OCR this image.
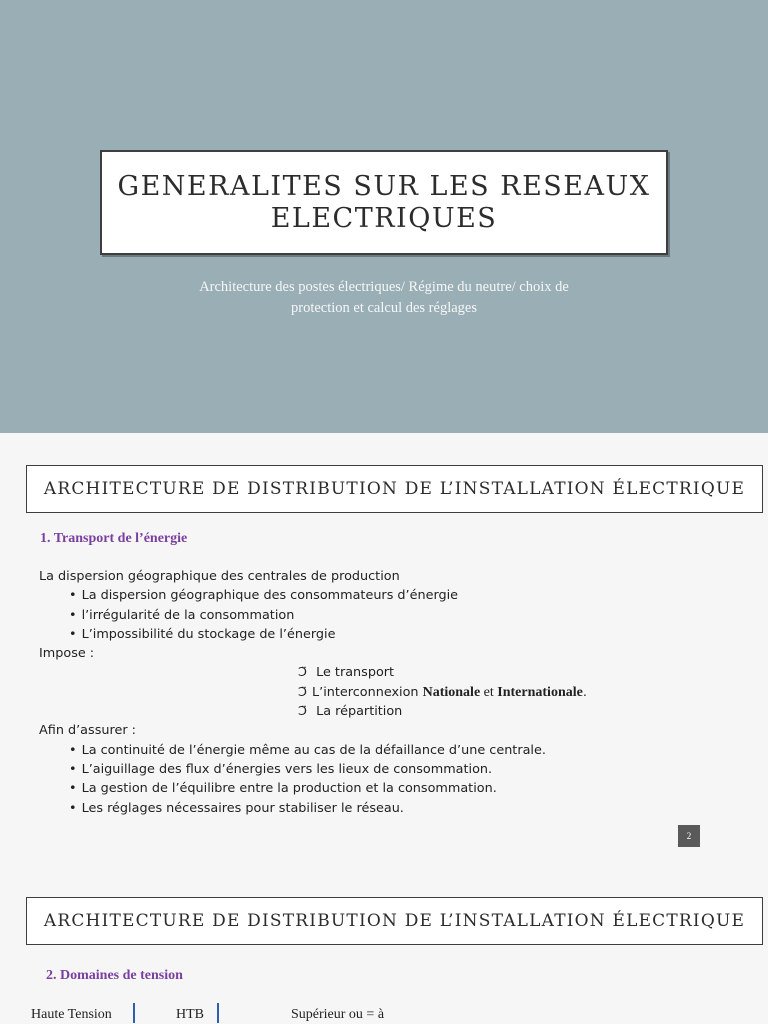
GENERALITES SUR LES RESEAUX
ELECTRIQUES
Architecture des postes électriques/ Régime du neutre/ choix de
protection et calcul des réglages
ARCHITECTURE DE DISTRIBUTION DE L’INSTALLATION ÉLECTRIQUE
1. Transport de l’énergie
La dispersion géographique des centrales de production
• La dispersion géographique des consommateurs d’énergie
• l’irrégularité de la consommation
• L’impossibilité du stockage de l’énergie
Impose :
Ͻ̈ Le transport
Ͻ̈ L’interconnexion Nationale et Internationale.
Ͻ̈ La répartition
Afin d’assurer :
• La continuité de l’énergie même au cas de la défaillance d’une centrale.
• L’aiguillage des flux d’énergies vers les lieux de consommation.
• La gestion de l’équilibre entre la production et la consommation.
• Les réglages nécessaires pour stabiliser le réseau.
2
ARCHITECTURE DE DISTRIBUTION DE L’INSTALLATION ÉLECTRIQUE
2. Domaines de tension
Haute Tension	HTB	Supérieur ou = à
